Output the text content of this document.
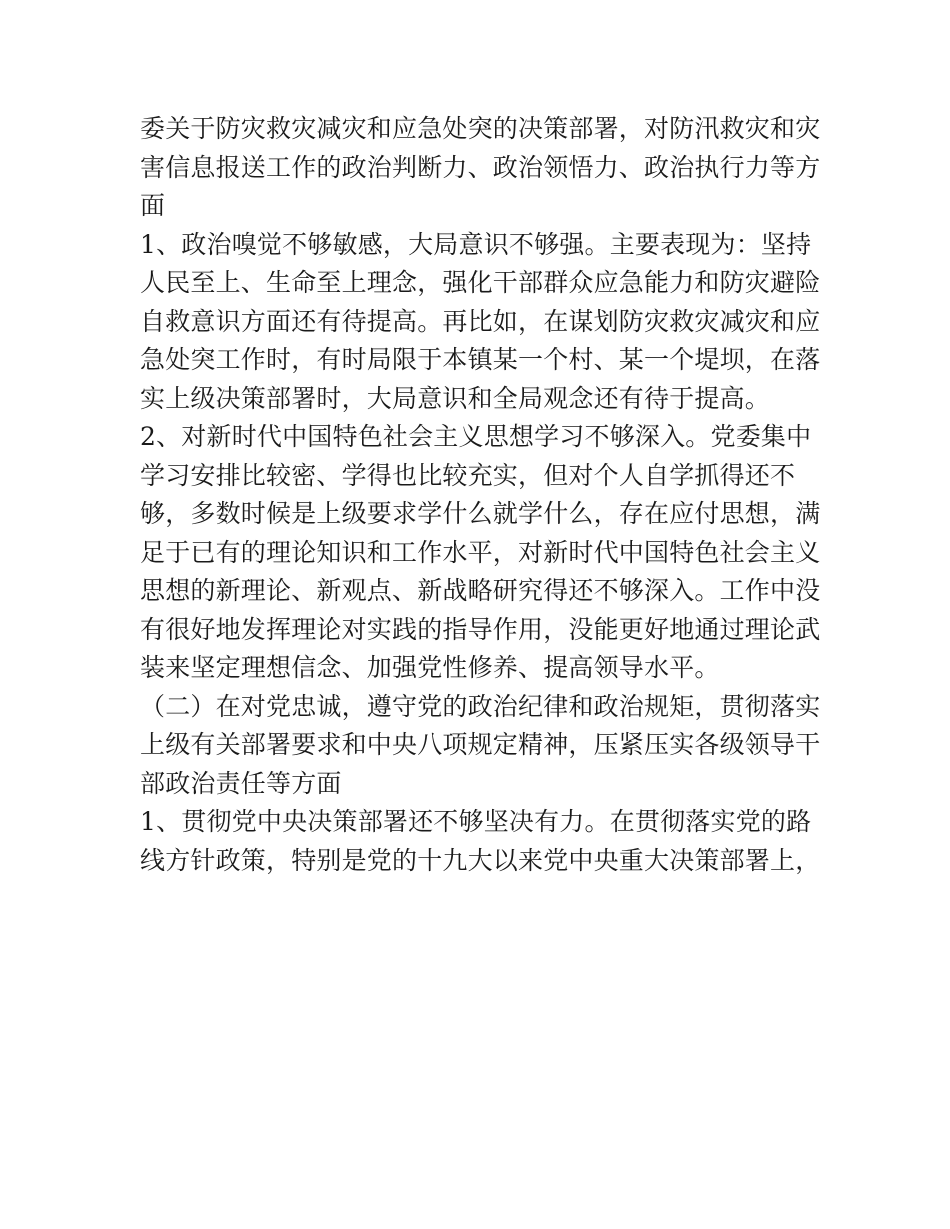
委关于防灾救灾减灾和应急处突的决策部署，对防汛救灾和灾
害信息报送工作的政治判断力、政治领悟力、政治执行力等方
面
1、政治嗅觉不够敏感，大局意识不够强。主要表现为：坚持
人民至上、生命至上理念，强化干部群众应急能力和防灾避险
自救意识方面还有待提高。再比如，在谋划防灾救灾减灾和应
急处突工作时，有时局限于本镇某一个村、某一个堤坝，在落
实上级决策部署时，大局意识和全局观念还有待于提高。
2、对新时代中国特色社会主义思想学习不够深入。党委集中
学习安排比较密、学得也比较充实，但对个人自学抓得还不
够，多数时候是上级要求学什么就学什么，存在应付思想，满
足于已有的理论知识和工作水平，对新时代中国特色社会主义
思想的新理论、新观点、新战略研究得还不够深入。工作中没
有很好地发挥理论对实践的指导作用，没能更好地通过理论武
装来坚定理想信念、加强党性修养、提高领导水平。
（二）在对党忠诚，遵守党的政治纪律和政治规矩，贯彻落实
上级有关部署要求和中央八项规定精神，压紧压实各级领导干
部政治责任等方面
1、贯彻党中央决策部署还不够坚决有力。在贯彻落实党的路
线方针政策，特别是党的十九大以来党中央重大决策部署上，
